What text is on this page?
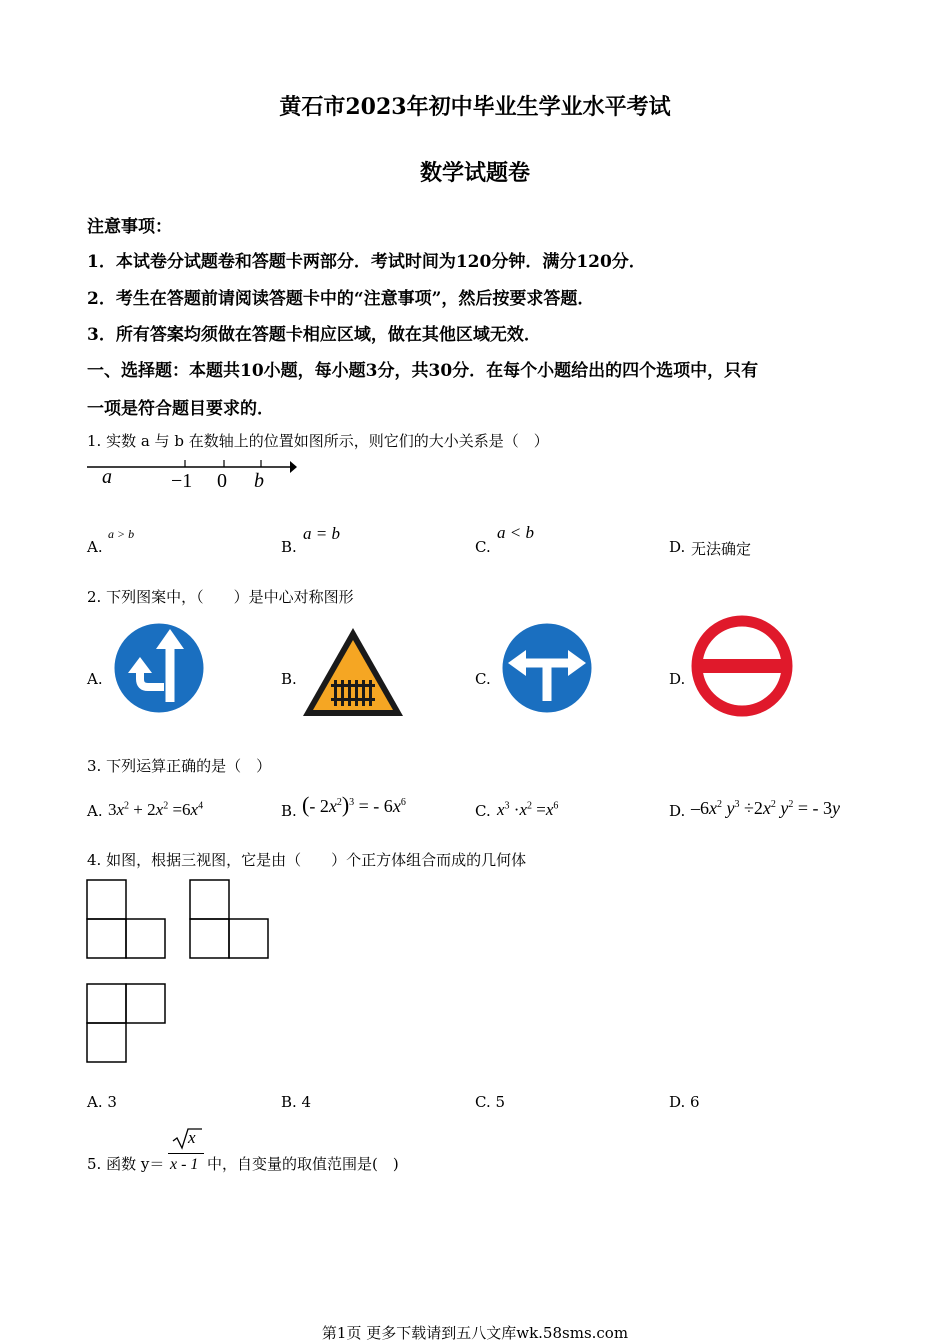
黄石市2023年初中毕业生学业水平考试
数学试题卷
注意事项：
1．本试卷分试题卷和答题卡两部分．考试时间为120分钟．满分120分．
2．考生在答题前请阅读答题卡中的“注意事项”，然后按要求答题．
3．所有答案均须做在答题卡相应区域，做在其他区域无效．
一、选择题：本题共10小题，每小题3分，共30分．在每个小题给出的四个选项中，只有
一项是符合题目要求的．
1. 实数 a 与 b 在数轴上的位置如图所示，则它们的大小关系是（　）
a	−1 0 b
A.
a > b
B.
a = b
C.
a < b
D. 无法确定
2. 下列图案中，（　　）是中心对称图形
A.	B.	C.	D.
3. 下列运算正确的是（　）
A. $3x^2 + 2x^2 =6x^4$	B. (- $2x^2)^3$ = - $6x^6$	C. $x^3 \cdot x^2 =x^6$	D. $-6x^2$ $y^3 \div 2x^2$ $y^2$ = - 3y
4. 如图，根据三视图，它是由（　　）个正方体组合而成的几何体
A. 3	B. 4	C. 5	D. 6
5. 函数 y＝
x
x - 1 中，自变量的取值范围是(　)
第1页 更多下载请到五八文库wk.58sms.com
